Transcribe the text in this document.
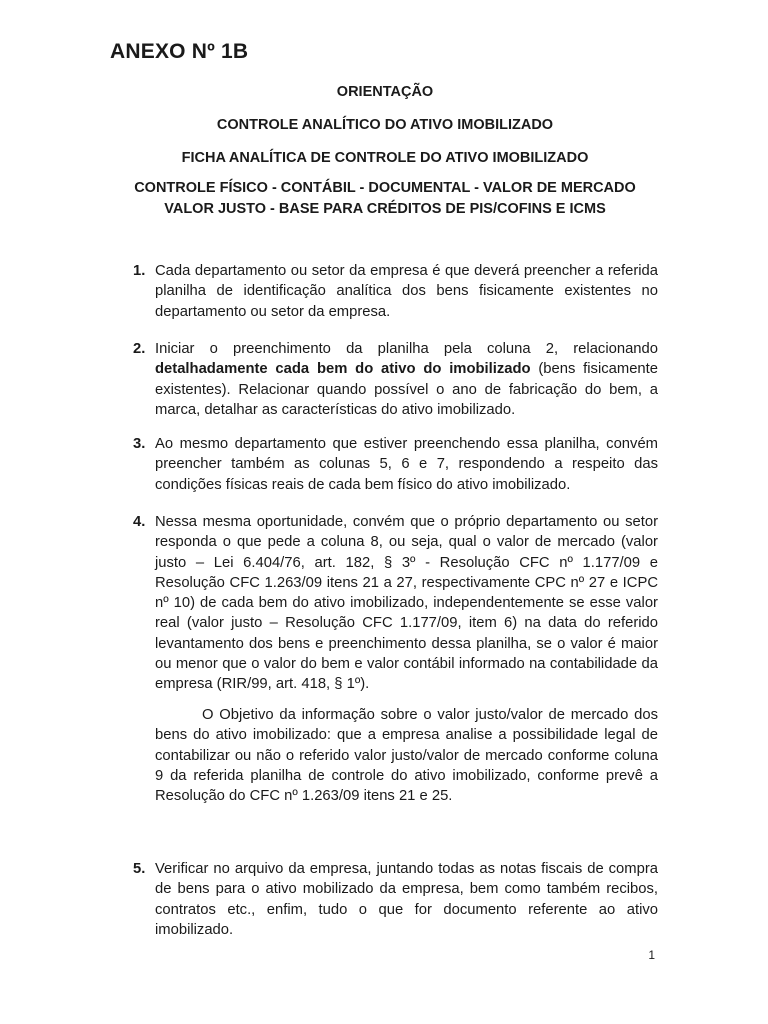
ANEXO Nº 1B
ORIENTAÇÃO
CONTROLE ANALÍTICO DO ATIVO IMOBILIZADO
FICHA ANALÍTICA DE CONTROLE DO ATIVO IMOBILIZADO
CONTROLE FÍSICO - CONTÁBIL - DOCUMENTAL - VALOR DE MERCADO
VALOR JUSTO - BASE PARA CRÉDITOS DE PIS/COFINS E ICMS
1. Cada departamento ou setor da empresa é que deverá preencher a referida planilha de identificação analítica dos bens fisicamente existentes no departamento ou setor da empresa.
2. Iniciar o preenchimento da planilha pela coluna 2, relacionando detalhadamente cada bem do ativo do imobilizado (bens fisicamente existentes). Relacionar quando possível o ano de fabricação do bem, a marca, detalhar as características do ativo imobilizado.
3. Ao mesmo departamento que estiver preenchendo essa planilha, convém preencher também as colunas 5, 6 e 7, respondendo a respeito das condições físicas reais de cada bem físico do ativo imobilizado.
4. Nessa mesma oportunidade, convém que o próprio departamento ou setor responda o que pede a coluna 8, ou seja, qual o valor de mercado (valor justo – Lei 6.404/76, art. 182, § 3º - Resolução CFC nº 1.177/09 e Resolução CFC 1.263/09 itens 21 a 27, respectivamente CPC nº 27 e ICPC nº 10) de cada bem do ativo imobilizado, independentemente se esse valor real (valor justo – Resolução CFC 1.177/09, item 6) na data do referido levantamento dos bens e preenchimento dessa planilha, se o valor é maior ou menor que o valor do bem e valor contábil informado na contabilidade da empresa (RIR/99, art. 418, § 1º).
O Objetivo da informação sobre o valor justo/valor de mercado dos bens do ativo imobilizado: que a empresa analise a possibilidade legal de contabilizar ou não o referido valor justo/valor de mercado conforme coluna 9 da referida planilha de controle do ativo imobilizado, conforme prevê a Resolução do CFC nº 1.263/09 itens 21 e 25.
5. Verificar no arquivo da empresa, juntando todas as notas fiscais de compra de bens para o ativo mobilizado da empresa, bem como também recibos, contratos etc., enfim, tudo o que for documento referente ao ativo imobilizado.
1
